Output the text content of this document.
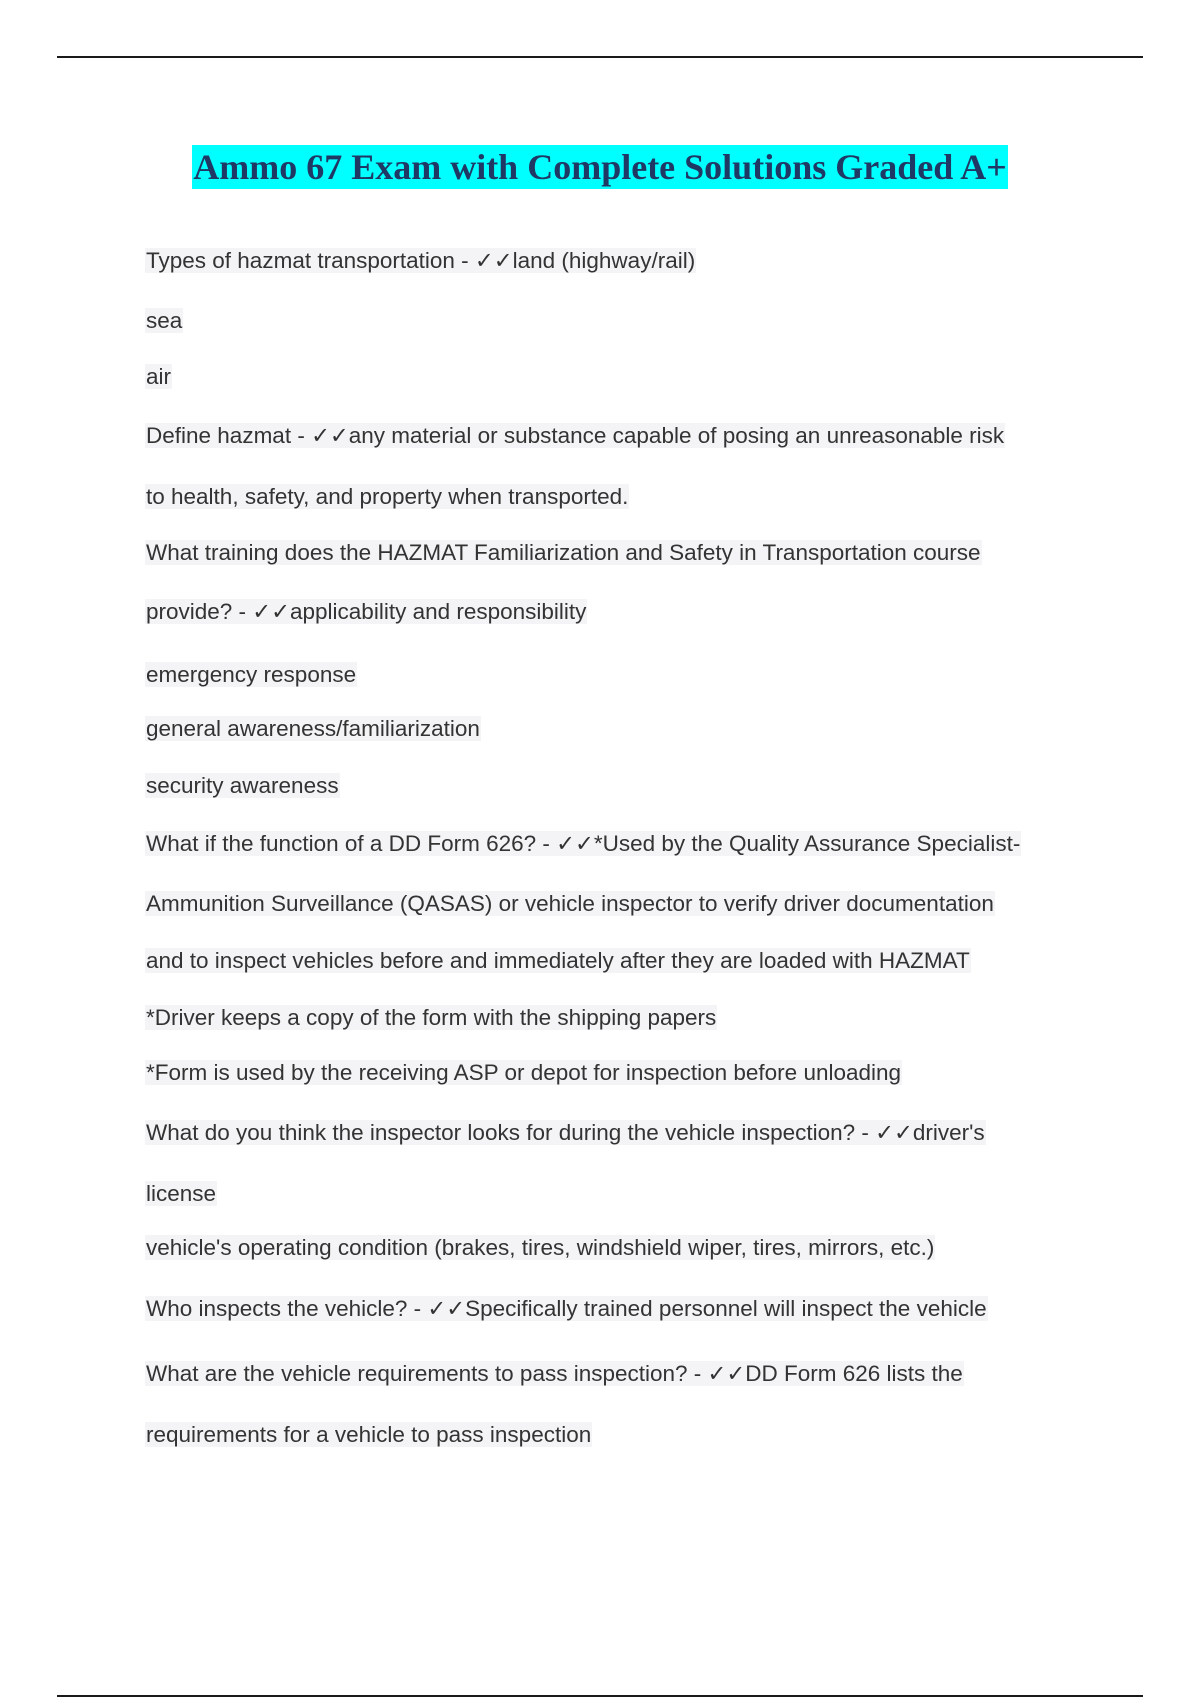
Ammo 67 Exam with Complete Solutions Graded A+
Types of hazmat transportation - ✓✓land (highway/rail)
sea
air
Define hazmat - ✓✓any material or substance capable of posing an unreasonable risk
to health, safety, and property when transported.
What training does the HAZMAT Familiarization and Safety in Transportation course
provide? - ✓✓applicability and responsibility
emergency response
general awareness/familiarization
security awareness
What if the function of a DD Form 626? - ✓✓*Used by the Quality Assurance Specialist-
Ammunition Surveillance (QASAS) or vehicle inspector to verify driver documentation
and to inspect vehicles before and immediately after they are loaded with HAZMAT
*Driver keeps a copy of the form with the shipping papers
*Form is used by the receiving ASP or depot for inspection before unloading
What do you think the inspector looks for during the vehicle inspection? - ✓✓driver's
license
vehicle's operating condition (brakes, tires, windshield wiper, tires, mirrors, etc.)
Who inspects the vehicle? - ✓✓Specifically trained personnel will inspect the vehicle
What are the vehicle requirements to pass inspection? - ✓✓DD Form 626 lists the
requirements for a vehicle to pass inspection
